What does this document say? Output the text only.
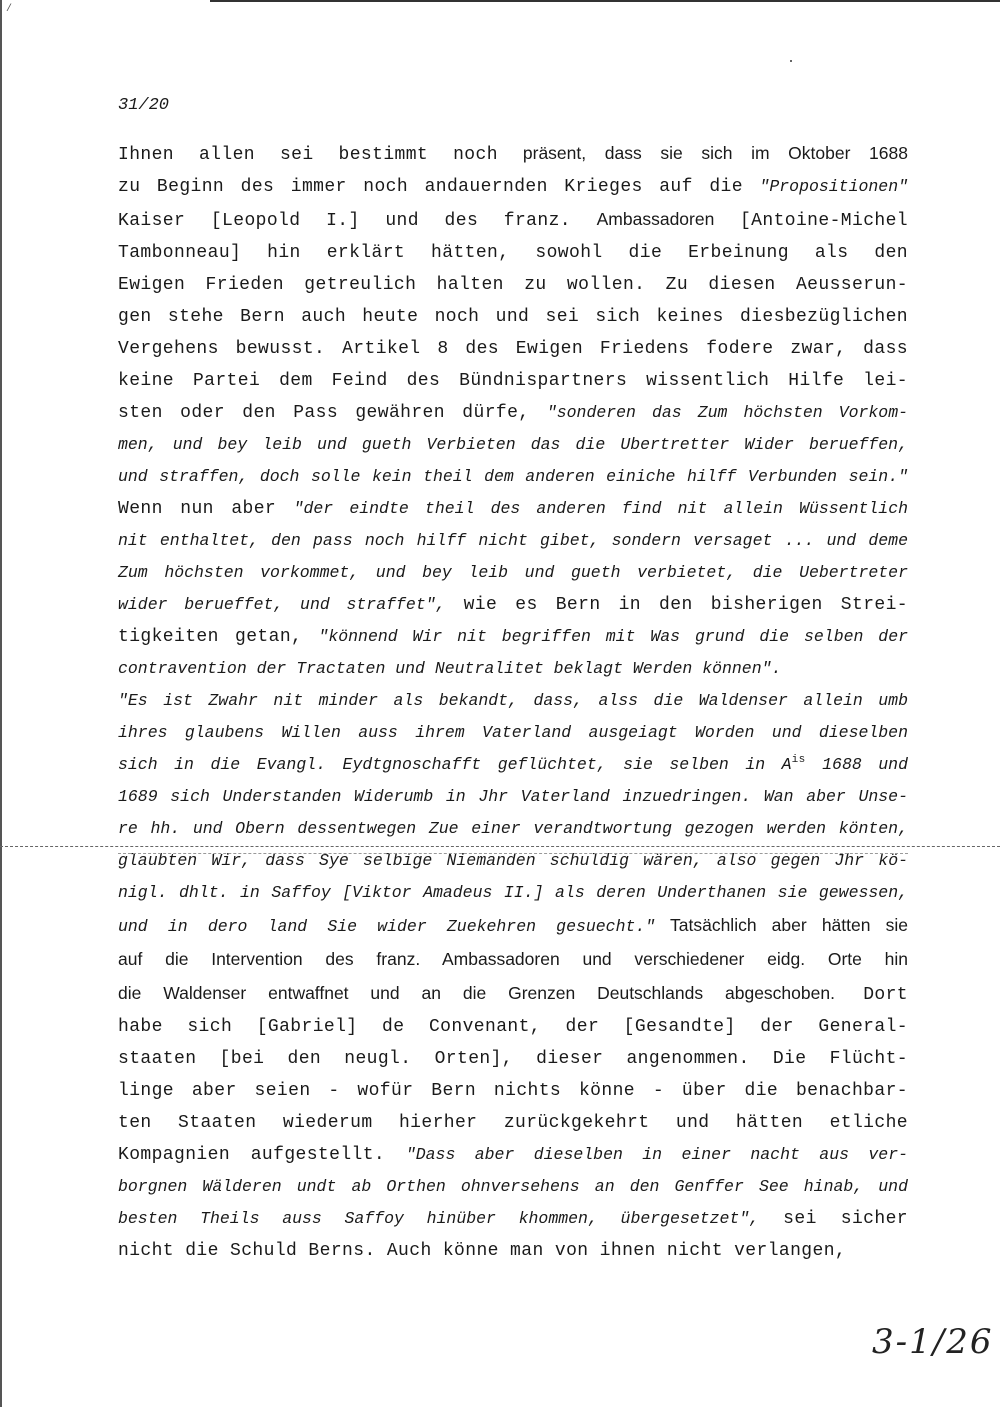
/
31/20
Ihnen allen sei bestimmt noch präsent, dass sie sich im Oktober 1688
zu Beginn des immer noch andauernden Krieges auf die "Propositionen"
Kaiser [Leopold I.] und des franz. Ambassadoren [Antoine-Michel
Tambonneau] hin erklärt hätten, sowohl die Erbeinung als den
Ewigen Frieden getreulich halten zu wollen. Zu diesen Aeusserun-
gen stehe Bern auch heute noch und sei sich keines diesbezüglichen
Vergehens bewusst. Artikel 8 des Ewigen Friedens fodere zwar, dass
keine Partei dem Feind des Bündnispartners wissentlich Hilfe lei-
sten oder den Pass gewähren dürfe, "sonderen das Zum höchsten Vorkom-
men, und bey leib und gueth Verbieten das die Ubertretter Wider berueffen,
und straffen, doch solle kein theil dem anderen einiche hilff Verbunden sein."
Wenn nun aber "der eindte theil des anderen find nit allein Wüssentlich
nit enthaltet, den pass noch hilff nicht gibet, sondern versaget ... und deme
Zum höchsten vorkommet, und bey leib und gueth verbietet, die Uebertreter
wider berueffet, und straffet", wie es Bern in den bisherigen Strei-
tigkeiten getan, "könnend Wir nit begriffen mit Was grund die selben der
contravention der Tractaten und Neutralitet beklagt Werden können".
"Es ist Zwahr nit minder als bekandt, dass, alss die Waldenser allein umb
ihres glaubens Willen auss ihrem Vaterland ausgeiagt Worden und dieselben
sich in die Evangl. Eydtgnoschafft geflüchtet, sie selben in $A^{is}$ 1688 und
1689 sich Understanden Widerumb in Jhr Vaterland inzuedringen. Wan aber Unse-
re hh. und Obern dessentwegen Zue einer verandtwortung gezogen werden könten,
glaubten Wir, dass Sye selbige Niemanden schuldig wären, also gegen Jhr kö-
nigl. dhlt. in Saffoy [Viktor Amadeus II.] als deren Underthanen sie gewessen,
und in dero land Sie wider Zuekehren gesuecht." Tatsächlich aber hätten sie
auf die Intervention des franz. Ambassadoren und verschiedener eidg. Orte hin
die Waldenser entwaffnet und an die Grenzen Deutschlands abgeschoben. Dort
habe sich [Gabriel] de Convenant, der [Gesandte] der General-
staaten [bei den neugl. Orten], dieser angenommen. Die Flücht-
linge aber seien - wofür Bern nichts könne - über die benachbar-
ten Staaten wiederum hierher zurückgekehrt und hätten etliche
Kompagnien aufgestellt. "Dass aber dieselben in einer nacht aus ver-
borgnen Wälderen undt ab Orthen ohnversehens an den Genffer See hinab, und
besten Theils auss Saffoy hinüber khommen, übergesetzet", sei sicher
nicht die Schuld Berns. Auch könne man von ihnen nicht verlangen,
3-1/26
